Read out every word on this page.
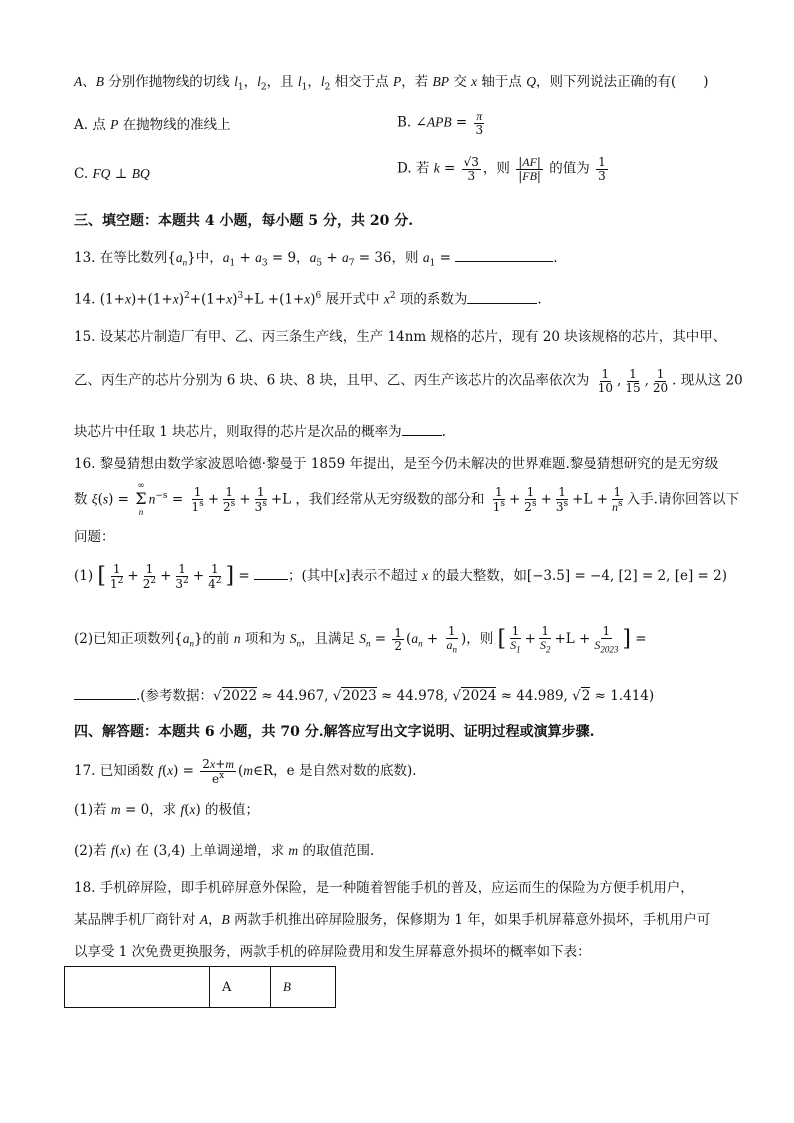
A、B 分别作抛物线的切线 $l_1$，$l_2$，且 $l_1$，$l_2$ 相交于点 P，若 BP 交 x 轴于点 Q，则下列说法正确的有(　　)
A. 点 P 在抛物线的准线上	B. ∠APB = $\frac{\pi}{3}$
C. FQ ⊥ BQ	D. 若 $k = \frac{√3}{3}$ ，则 $\frac{|AF|}{|FB|}$ 的值为 $\frac{1}{3}$
三、填空题：本题共 4 小题，每小题 5 分，共 20 分.
13. 在等比数列$\{a_n\}$中，$a_1 + a_3 = 9$，$a_5 + a_7 = 36$，则 $a_1$ =	.
14. $(1+x)+(1+x)^2+(1+x)^3+L +(1+x)^6$ 展开式中 $x^2$ 项的系数为	.
15. 设某芯片制造厂有甲、乙、丙三条生产线，生产 14nm 规格的芯片，现有 20 块该规格的芯片，其中甲、
乙、丙生产的芯片分别为 6 块、6 块、8 块，且甲、乙、丙生产该芯片的次品率依次为 $\frac{1}{10}$ , $\frac{1}{15}$ , $\frac{1}{20}$ . 现从这 20
块芯片中任取 1 块芯片，则取得的芯片是次品的概率为	.
16. 黎曼猜想由数学家波恩哈德·黎曼于 1859 年提出，是至今仍未解决的世界难题.黎曼猜想研究的是无穷级
数 ξ(s) =
∞
Σ
n
$n^{-s} = \frac{1}{1^s} + \frac{1}{2^s} + \frac{1}{3^s} +L$ ，我们经常从无穷级数的部分和 $\frac{1}{1^s} + \frac{1}{2^s} + \frac{1}{3^s} +L + \frac{1}{n^s}$ 入手.请你回答以下
问题：
(1) [ $\frac{1}{1^2} + \frac{1}{2^2} + \frac{1}{3^2} + \frac{1}{4^2}$ ] =	；(其中[x]表示不超过 x 的最大整数，如[−3.5] = −4, [2] = 2, [e] = 2)
(2)已知正项数列$\{a_n\}$的前 n 项和为 $S_n$，且满足 $S_n = \frac{1}{2} (a_n + \frac{1}{a_n}$ )，则 [ $\frac{1}{S_1} + \frac{1}{S_2} +L + \frac{1}{S_{2023}}$ ] =
.(参考数据：√2022 ≈ 44.967, √2023 ≈ 44.978, √2024 ≈ 44.989, √2 ≈ 1.414)
四、解答题：本题共 6 小题，共 70 分.解答应写出文字说明、证明过程或演算步骤.
17. 已知函数 $f(x) = \frac{2x+m}{e^x}$ (m∈R，e 是自然对数的底数).
(1)若 m = 0，求 f(x) 的极值；
(2)若 f(x) 在 (3,4) 上单调递增，求 m 的取值范围.
18. 手机碎屏险，即手机碎屏意外保险，是一种随着智能手机的普及，应运而生的保险为方便手机用户，
某品牌手机厂商针对 A，B 两款手机推出碎屏险服务，保修期为 1 年，如果手机屏幕意外损坏，手机用户可
以享受 1 次免费更换服务，两款手机的碎屏险费用和发生屏幕意外损坏的概率如下表：
	A	B
